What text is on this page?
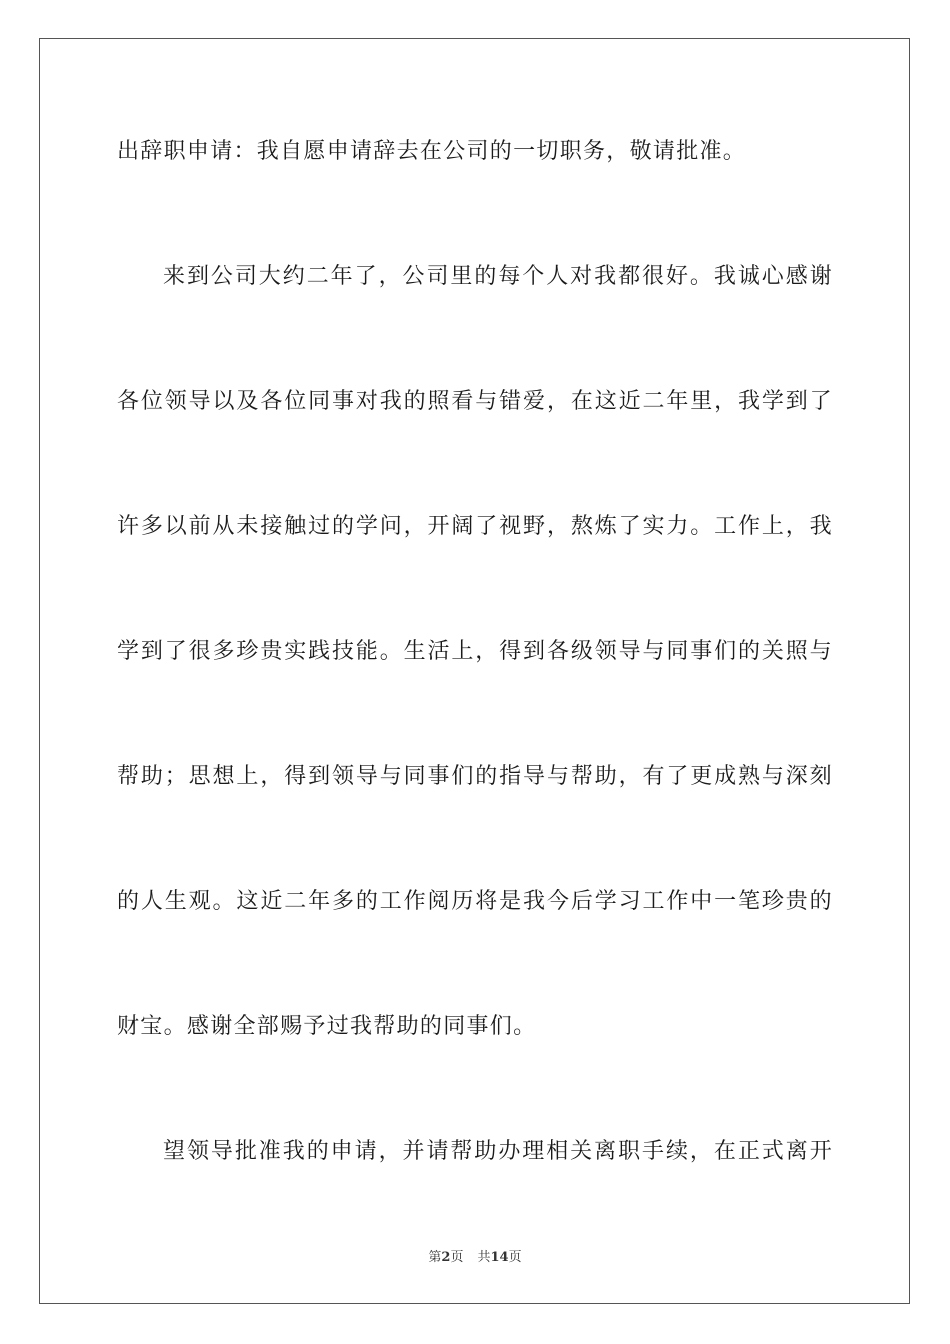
出辞职申请：我自愿申请辞去在公司的一切职务，敬请批准。
来到公司大约二年了，公司里的每个人对我都很好。我诚心感谢
各位领导以及各位同事对我的照看与错爱，在这近二年里，我学到了
许多以前从未接触过的学问，开阔了视野，熬炼了实力。工作上，我
学到了很多珍贵实践技能。生活上，得到各级领导与同事们的关照与
帮助；思想上，得到领导与同事们的指导与帮助，有了更成熟与深刻
的人生观。这近二年多的工作阅历将是我今后学习工作中一笔珍贵的
财宝。感谢全部赐予过我帮助的同事们。
望领导批准我的申请，并请帮助办理相关离职手续，在正式离开
第2页 共14页
